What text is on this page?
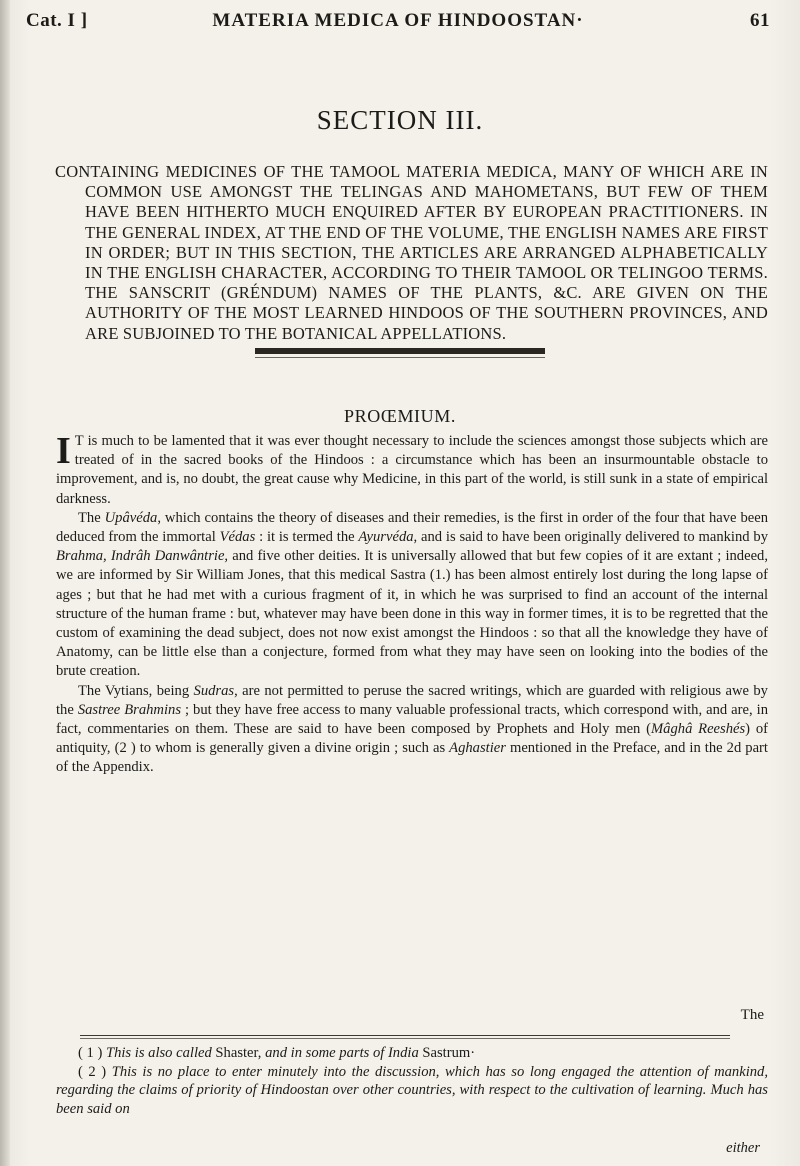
Cat. I ]	MATERIA MEDICA OF HINDOOSTAN·	61
SECTION III.
CONTAINING MEDICINES OF THE TAMOOL MATERIA MEDICA, MANY OF WHICH ARE IN COMMON USE AMONGST THE TELINGAS AND MAHOMETANS, BUT FEW OF THEM HAVE BEEN HITHERTO MUCH ENQUIRED AFTER BY EUROPEAN PRACTITIONERS. IN THE GENERAL INDEX, AT THE END OF THE VOLUME, THE ENGLISH NAMES ARE FIRST IN ORDER; BUT IN THIS SECTION, THE ARTICLES ARE ARRANGED ALPHABETICALLY IN THE ENGLISH CHARACTER, ACCORDING TO THEIR TAMOOL OR TELINGOO TERMS. THE SANSCRIT (GRÉNDUM) NAMES OF THE PLANTS, &C. ARE GIVEN ON THE AUTHORITY OF THE MOST LEARNED HINDOOS OF THE SOUTHERN PROVINCES, AND ARE SUBJOINED TO THE BOTANICAL APPELLATIONS.
PROŒMIUM.

I T is much to be lamented that it was ever thought necessary to include the sciences amongst those subjects which are treated of in the sacred books of the Hindoos : a circumstance which has been an insurmountable obstacle to improvement, and is, no doubt, the great cause why Medicine, in this part of the world, is still sunk in a state of empirical darkness.

The Upâvéda, which contains the theory of diseases and their remedies, is the first in order of the four that have been deduced from the immortal Védas : it is termed the Ayurvéda, and is said to have been originally delivered to mankind by Brahma, Indrâh Danwântrie, and five other deities. It is universally allowed that but few copies of it are extant ; indeed, we are informed by Sir William Jones, that this medical Sastra (1.) has been almost entirely lost during the long lapse of ages ; but that he had met with a curious fragment of it, in which he was surprised to find an account of the internal structure of the human frame : but, whatever may have been done in this way in former times, it is to be regretted that the custom of examining the dead subject, does not now exist amongst the Hindoos : so that all the knowledge they have of Anatomy, can be little else than a conjecture, formed from what they may have seen on looking into the bodies of the brute creation.

The Vytians, being Sudras, are not permitted to peruse the sacred writings, which are guarded with religious awe by the Sastree Brahmins ; but they have free access to many valuable professional tracts, which correspond with, and are, in fact, commentaries on them. These are said to have been composed by Prophets and Holy men (Mâghâ Reeshés) of antiquity, (2 ) to whom is generally given a divine origin ; such as Aghastier mentioned in the Preface, and in the 2d part of the Appendix.

The

( 1 ) This is also called Shaster, and in some parts of India Sastrum·

( 2 ) This is no place to enter minutely into the discussion, which has so long engaged the attention of mankind, regarding the claims of priority of Hindoostan over other countries, with respect to the cultivation of learning. Much has been said on

either
